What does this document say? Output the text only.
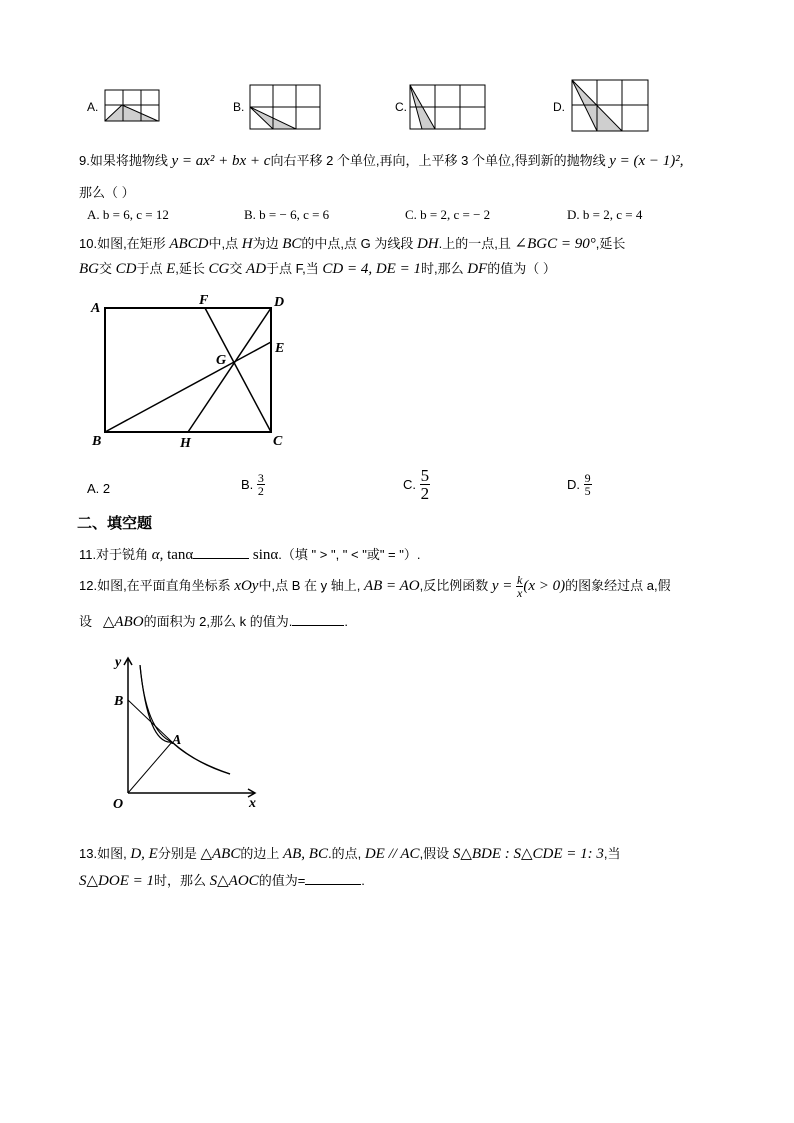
A.	B.	C.	D.
9.如果将抛物线 y = ax² + bx + c向右平移 2 个单位,再向，上平移 3 个单位,得到新的抛物线 y = (x − 1)²,
那么（ ）
A. b = 6, c = 12	B. b = − 6, c = 6	C. b = 2, c = − 2	D. b = 2, c = 4
10.如图,在矩形 ABCD中,点 H为边 BC的中点,点 G 为线段 DH.上的一点,且 ∠BGC = 90°,延长
BG交 CD于点 E,延长 CG交 AD于点 F,当 CD = 4, DE = 1时,那么 DF的值为（ ）
A
F	D
E
G
B	H	C
A. 2	B. $\frac{3}{2}$	C. $\frac{5}{2}$	D. $\frac{9}{5}$
二、填空题
11.对于锐角 α, tanα	sinα.（填 " > ", " < "或" = "）.
12.如图,在平面直角坐标系 xOy中,点 B 在 y 轴上, AB = AO,反比例函数 $y = \frac{k}{x} (x > 0)$的图象经过点 a,假
设 △ABO的面积为 2,那么 k 的值为.	.
y
x
O
A
B
13.如图, D, E分别是 △ABC的边上 AB, BC.的点, DE // AC,假设 S△BDE : S△CDE = 1: 3,当
S△DOE = 1时，那么 S△AOC的值为=	.
